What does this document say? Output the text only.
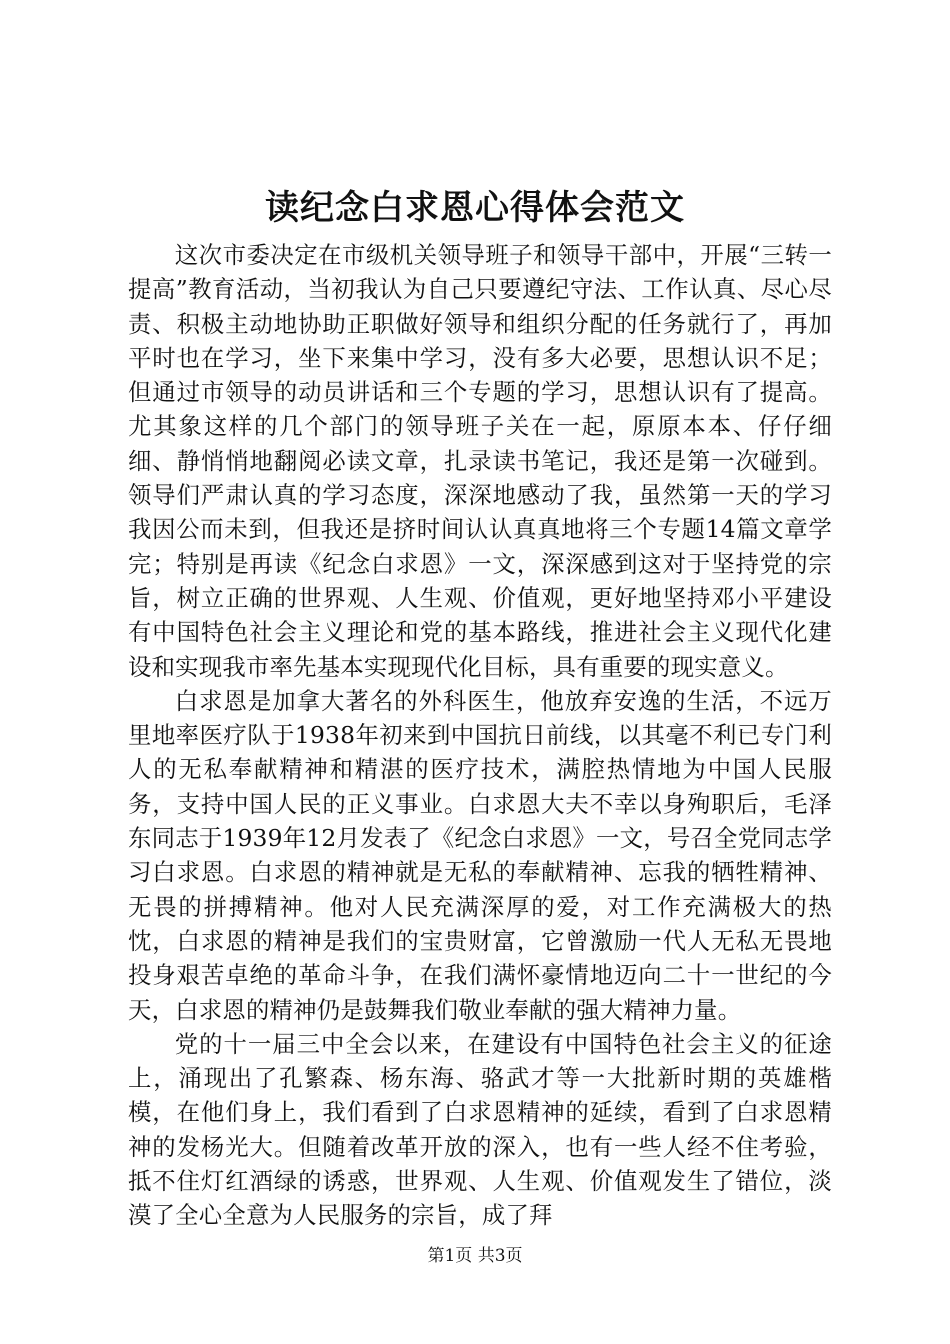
读纪念白求恩心得体会范文

这次市委决定在市级机关领导班子和领导干部中，开展“三转一提高”教育活动，当初我认为自己只要遵纪守法、工作认真、尽心尽责、积极主动地协助正职做好领导和组织分配的任务就行了，再加平时也在学习，坐下来集中学习，没有多大必要，思想认识不足；但通过市领导的动员讲话和三个专题的学习，思想认识有了提高。尤其象这样的几个部门的领导班子关在一起，原原本本、仔仔细细、静悄悄地翻阅必读文章，扎录读书笔记，我还是第一次碰到。领导们严肃认真的学习态度，深深地感动了我，虽然第一天的学习我因公而未到，但我还是挤时间认认真真地将三个专题14篇文章学完；特别是再读《纪念白求恩》一文，深深感到这对于坚持党的宗旨，树立正确的世界观、人生观、价值观，更好地坚持邓小平建设有中国特色社会主义理论和党的基本路线，推进社会主义现代化建设和实现我市率先基本实现现代化目标，具有重要的现实意义。

白求恩是加拿大著名的外科医生，他放弃安逸的生活，不远万里地率医疗队于1938年初来到中国抗日前线，以其毫不利已专门利人的无私奉献精神和精湛的医疗技术，满腔热情地为中国人民服务，支持中国人民的正义事业。白求恩大夫不幸以身殉职后，毛泽东同志于1939年12月发表了《纪念白求恩》一文，号召全党同志学习白求恩。白求恩的精神就是无私的奉献精神、忘我的牺牲精神、无畏的拼搏精神。他对人民充满深厚的爱，对工作充满极大的热忱，白求恩的精神是我们的宝贵财富，它曾激励一代人无私无畏地投身艰苦卓绝的革命斗争，在我们满怀豪情地迈向二十一世纪的今天，白求恩的精神仍是鼓舞我们敬业奉献的强大精神力量。

党的十一届三中全会以来，在建设有中国特色社会主义的征途上，涌现出了孔繁森、杨东海、骆武才等一大批新时期的英雄楷模，在他们身上，我们看到了白求恩精神的延续，看到了白求恩精神的发杨光大。但随着改革开放的深入，也有一些人经不住考验，抵不住灯红酒绿的诱惑，世界观、人生观、价值观发生了错位，淡漠了全心全意为人民服务的宗旨，成了拜

第1页 共3页
